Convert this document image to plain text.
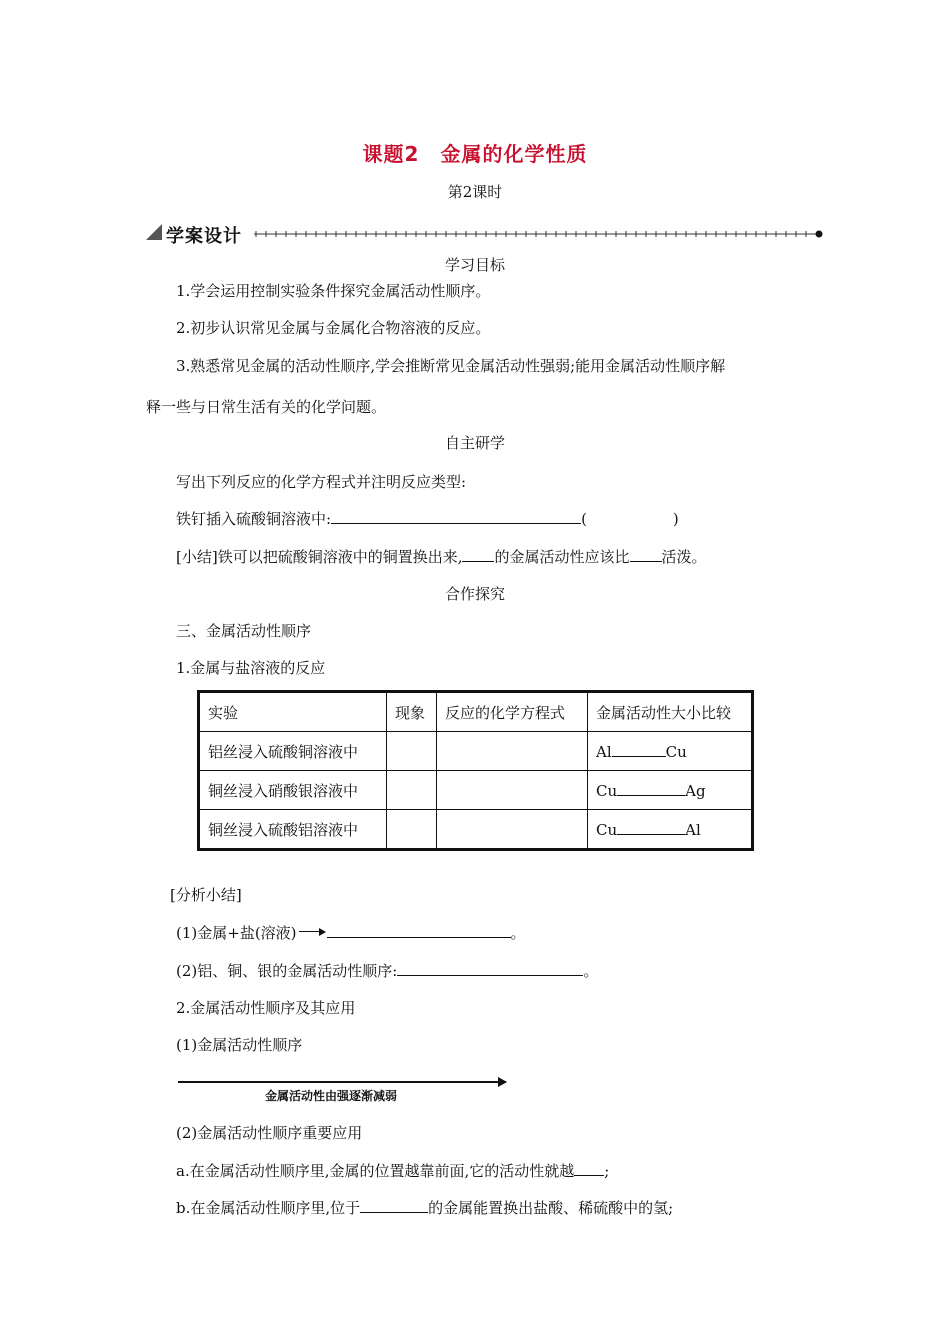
课题2　金属的化学性质
第2课时
学案设计
学习目标
1.学会运用控制实验条件探究金属活动性顺序。
2.初步认识常见金属与金属化合物溶液的反应。
3.熟悉常见金属的活动性顺序,学会推断常见金属活动性强弱;能用金属活动性顺序解
释一些与日常生活有关的化学问题。
自主研学
写出下列反应的化学方程式并注明反应类型:
铁钉插入硫酸铜溶液中:	(	)
[小结]铁可以把硫酸铜溶液中的铜置换出来, 的金属活动性应该比 活泼。
合作探究
三、金属活动性顺序
1.金属与盐溶液的反应
实验	现象	反应的化学方程式	金属活动性大小比较
铝丝浸入硫酸铜溶液中			Al Cu
铜丝浸入硝酸银溶液中			Cu Ag
铜丝浸入硫酸铝溶液中			Cu Al
[分析小结]
(1)金属+盐(溶液)	。
(2)铝、铜、银的金属活动性顺序:	。
2.金属活动性顺序及其应用
(1)金属活动性顺序
金属活动性由强逐渐减弱
(2)金属活动性顺序重要应用
a.在金属活动性顺序里,金属的位置越靠前面,它的活动性就越 ;
b.在金属活动性顺序里,位于	的金属能置换出盐酸、稀硫酸中的氢;
